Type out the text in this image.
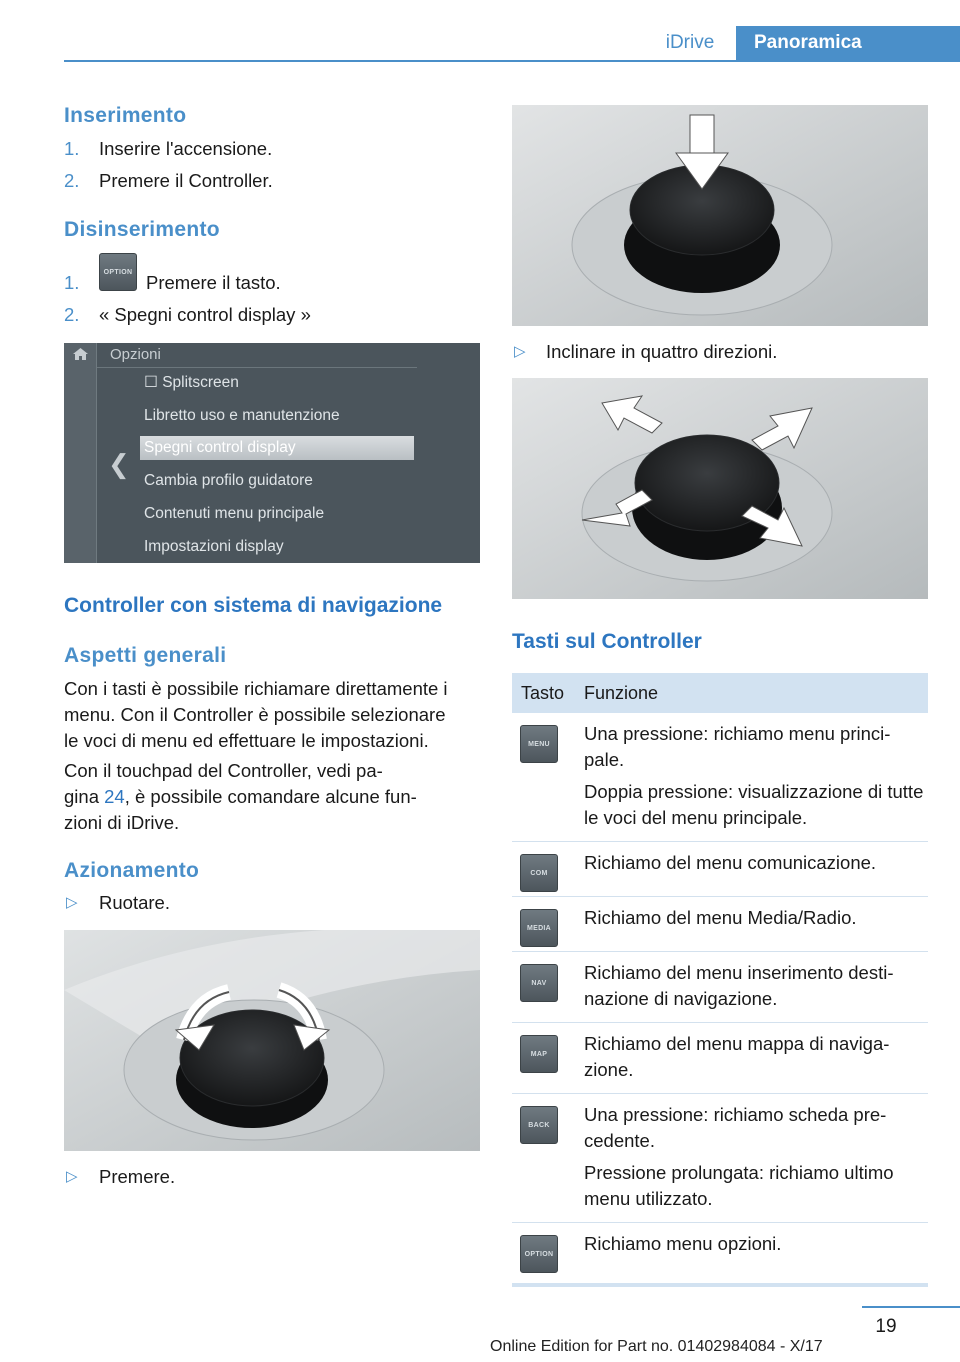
iDrive	Panoramica
Inserimento
1. Inserire l'accensione.
2. Premere il Controller.
Disinserimento
1.	OPTION Premere il tasto.
2. « Spegni control display »
Opzioni
❮
☐ Splitscreen
Libretto uso e manutenzione
Spegni control display
Cambia profilo guidatore
Contenuti menu principale
Impostazioni display
Controller con sistema di navigazione
Aspetti generali
Con i tasti è possibile richiamare direttamente i
menu. Con il Controller è possibile selezionare
le voci di menu ed effettuare le impostazioni.
Con il touchpad del Controller, vedi pa‐
gina 24, è possibile comandare alcune fun‐
zioni di iDrive.
Azionamento
▷ Ruotare.
▷ Premere.
▷ Inclinare in quattro direzioni.
Tasti sul Controller
Tasto	Funzione
MENU	Una pressione: richiamo menu princi‐ pale.

Doppia pressione: visualizzazione di tutte le voci del menu principale.

COM	Richiamo del menu comunicazione.

MEDIA	Richiamo del menu Media/Radio.

NAV	Richiamo del menu inserimento desti‐ nazione di navigazione.

MAP	Richiamo del menu mappa di naviga‐ zione.

BACK	Una pressione: richiamo scheda pre‐ cedente.

Pressione prolungata: richiamo ultimo menu utilizzato.

OPTION	Richiamo menu opzioni.

19
Online Edition for Part no. 01402984084 - X/17
